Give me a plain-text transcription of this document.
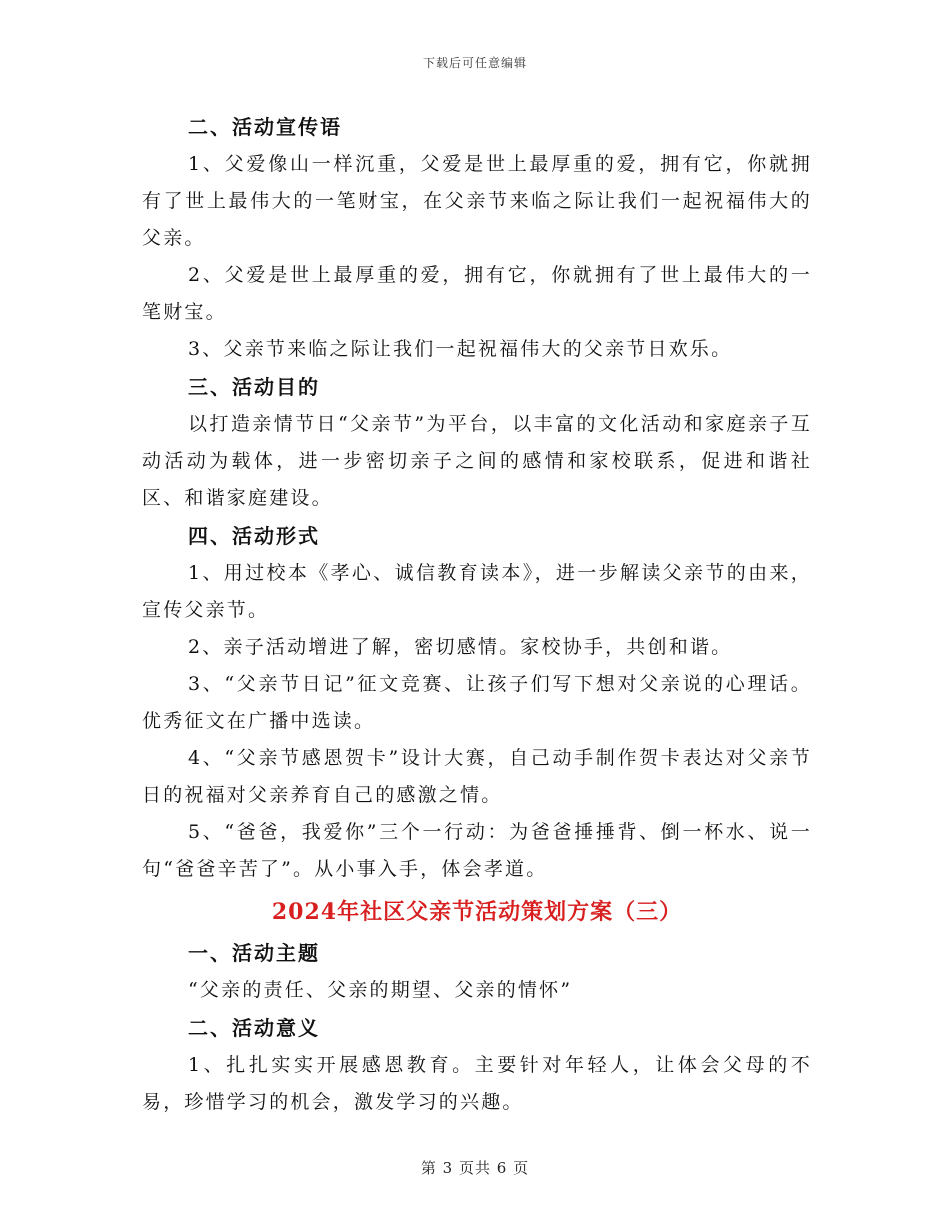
下载后可任意编辑

二、活动宣传语

1、父爱像山一样沉重，父爱是世上最厚重的爱，拥有它，你就拥有了世上最伟大的一笔财宝，在父亲节来临之际让我们一起祝福伟大的父亲。

2、父爱是世上最厚重的爱，拥有它，你就拥有了世上最伟大的一笔财宝。

3、父亲节来临之际让我们一起祝福伟大的父亲节日欢乐。

三、活动目的

以打造亲情节日“父亲节”为平台，以丰富的文化活动和家庭亲子互动活动为载体，进一步密切亲子之间的感情和家校联系，促进和谐社区、和谐家庭建设。

四、活动形式

1、用过校本《孝心、诚信教育读本》，进一步解读父亲节的由来，宣传父亲节。

2、亲子活动增进了解，密切感情。家校协手，共创和谐。

3、“父亲节日记”征文竞赛、让孩子们写下想对父亲说的心理话。优秀征文在广播中选读。

4、“父亲节感恩贺卡”设计大赛，自己动手制作贺卡表达对父亲节日的祝福对父亲养育自己的感激之情。

5、“爸爸，我爱你”三个一行动：为爸爸捶捶背、倒一杯水、说一句“爸爸辛苦了”。从小事入手，体会孝道。

2024年社区父亲节活动策划方案（三）

一、活动主题

“父亲的责任、父亲的期望、父亲的情怀”

二、活动意义

1、扎扎实实开展感恩教育。主要针对年轻人，让体会父母的不易，珍惜学习的机会，激发学习的兴趣。

第 3 页共 6 页
